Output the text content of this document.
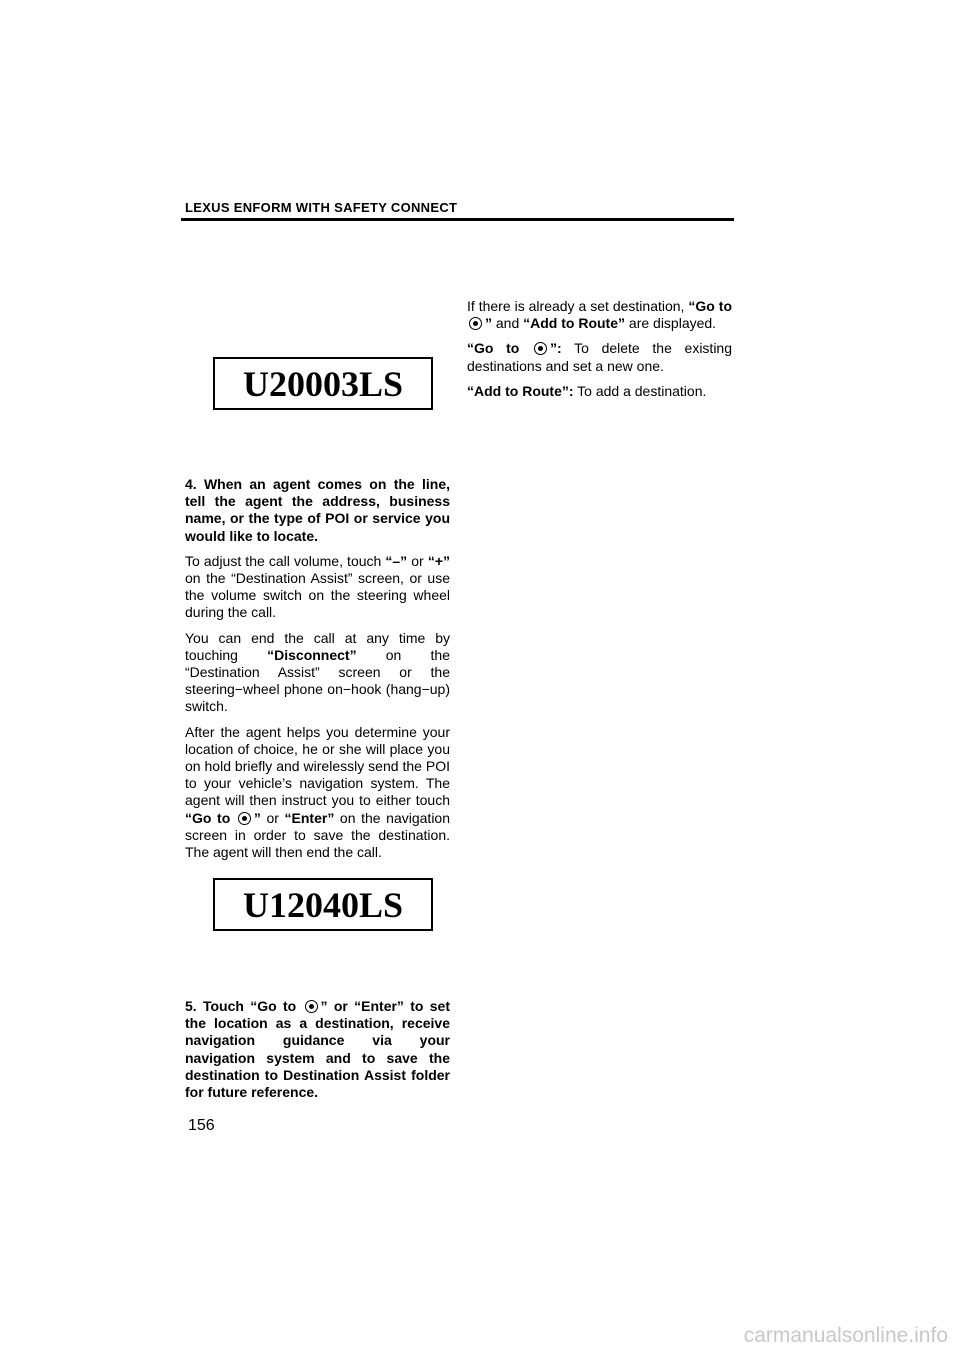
LEXUS ENFORM WITH SAFETY CONNECT
U20003LS

4. When an agent comes on the line, tell the agent the address, business name, or the type of POI or service you would like to locate.

To adjust the call volume, touch “–” or “+” on the “Destination Assist” screen, or use the volume switch on the steering wheel during the call.

You can end the call at any time by touching “Disconnect” on the “Destination Assist” screen or the steering−wheel phone on−hook (hang−up) switch.

After the agent helps you determine your location of choice, he or she will place you on hold briefly and wirelessly send the POI to your vehicle’s navigation system. The agent will then instruct you to either touch “Go to ” or “Enter” on the navigation screen in order to save the destination. The agent will then end the call.

U12040LS

5. Touch “Go to ” or “Enter” to set the location as a destination, receive navigation guidance via your navigation system and to save the destination to Destination Assist folder for future reference.

If there is already a set destination, “Go to ” and “Add to Route” are displayed.

“Go to ”: To delete the existing destinations and set a new one.

“Add to Route”: To add a destination.

156
carmanualsonline.info
